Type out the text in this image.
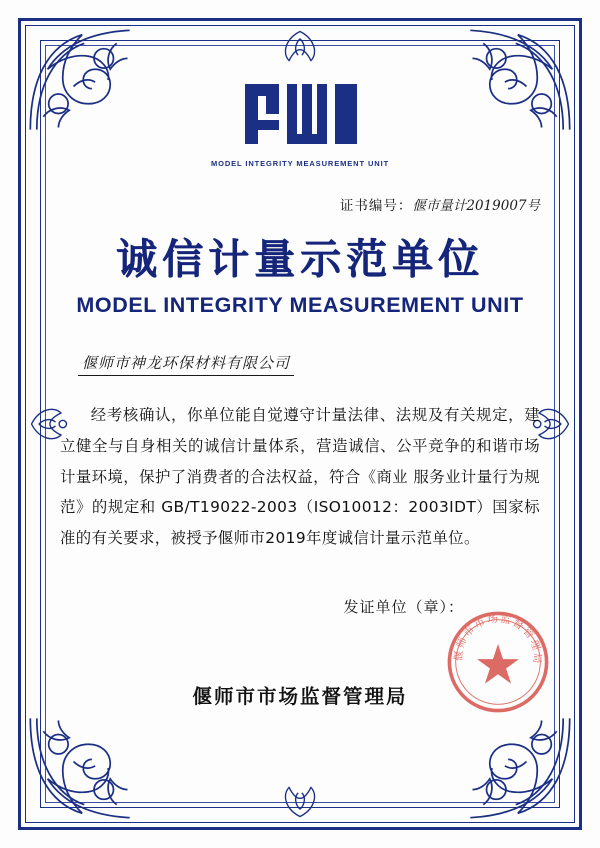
MODEL INTEGRITY MEASUREMENT UNIT
证书编号：偃市量计2019007号
诚信计量示范单位
MODEL INTEGRITY MEASUREMENT UNIT
偃师市神龙环保材料有限公司
经考核确认，你单位能自觉遵守计量法律、法规及有关规定，建立健全与自身相关的诚信计量体系，营造诚信、公平竞争的和谐市场计量环境，保护了消费者的合法权益，符合《商业 服务业计量行为规范》的规定和 GB/T19022-2003（ISO10012：2003IDT）国家标准的有关要求，被授予偃师市2019年度诚信计量示范单位。
发证单位（章）：
偃师市市场监督管理局
偃师市市场监督管理局
